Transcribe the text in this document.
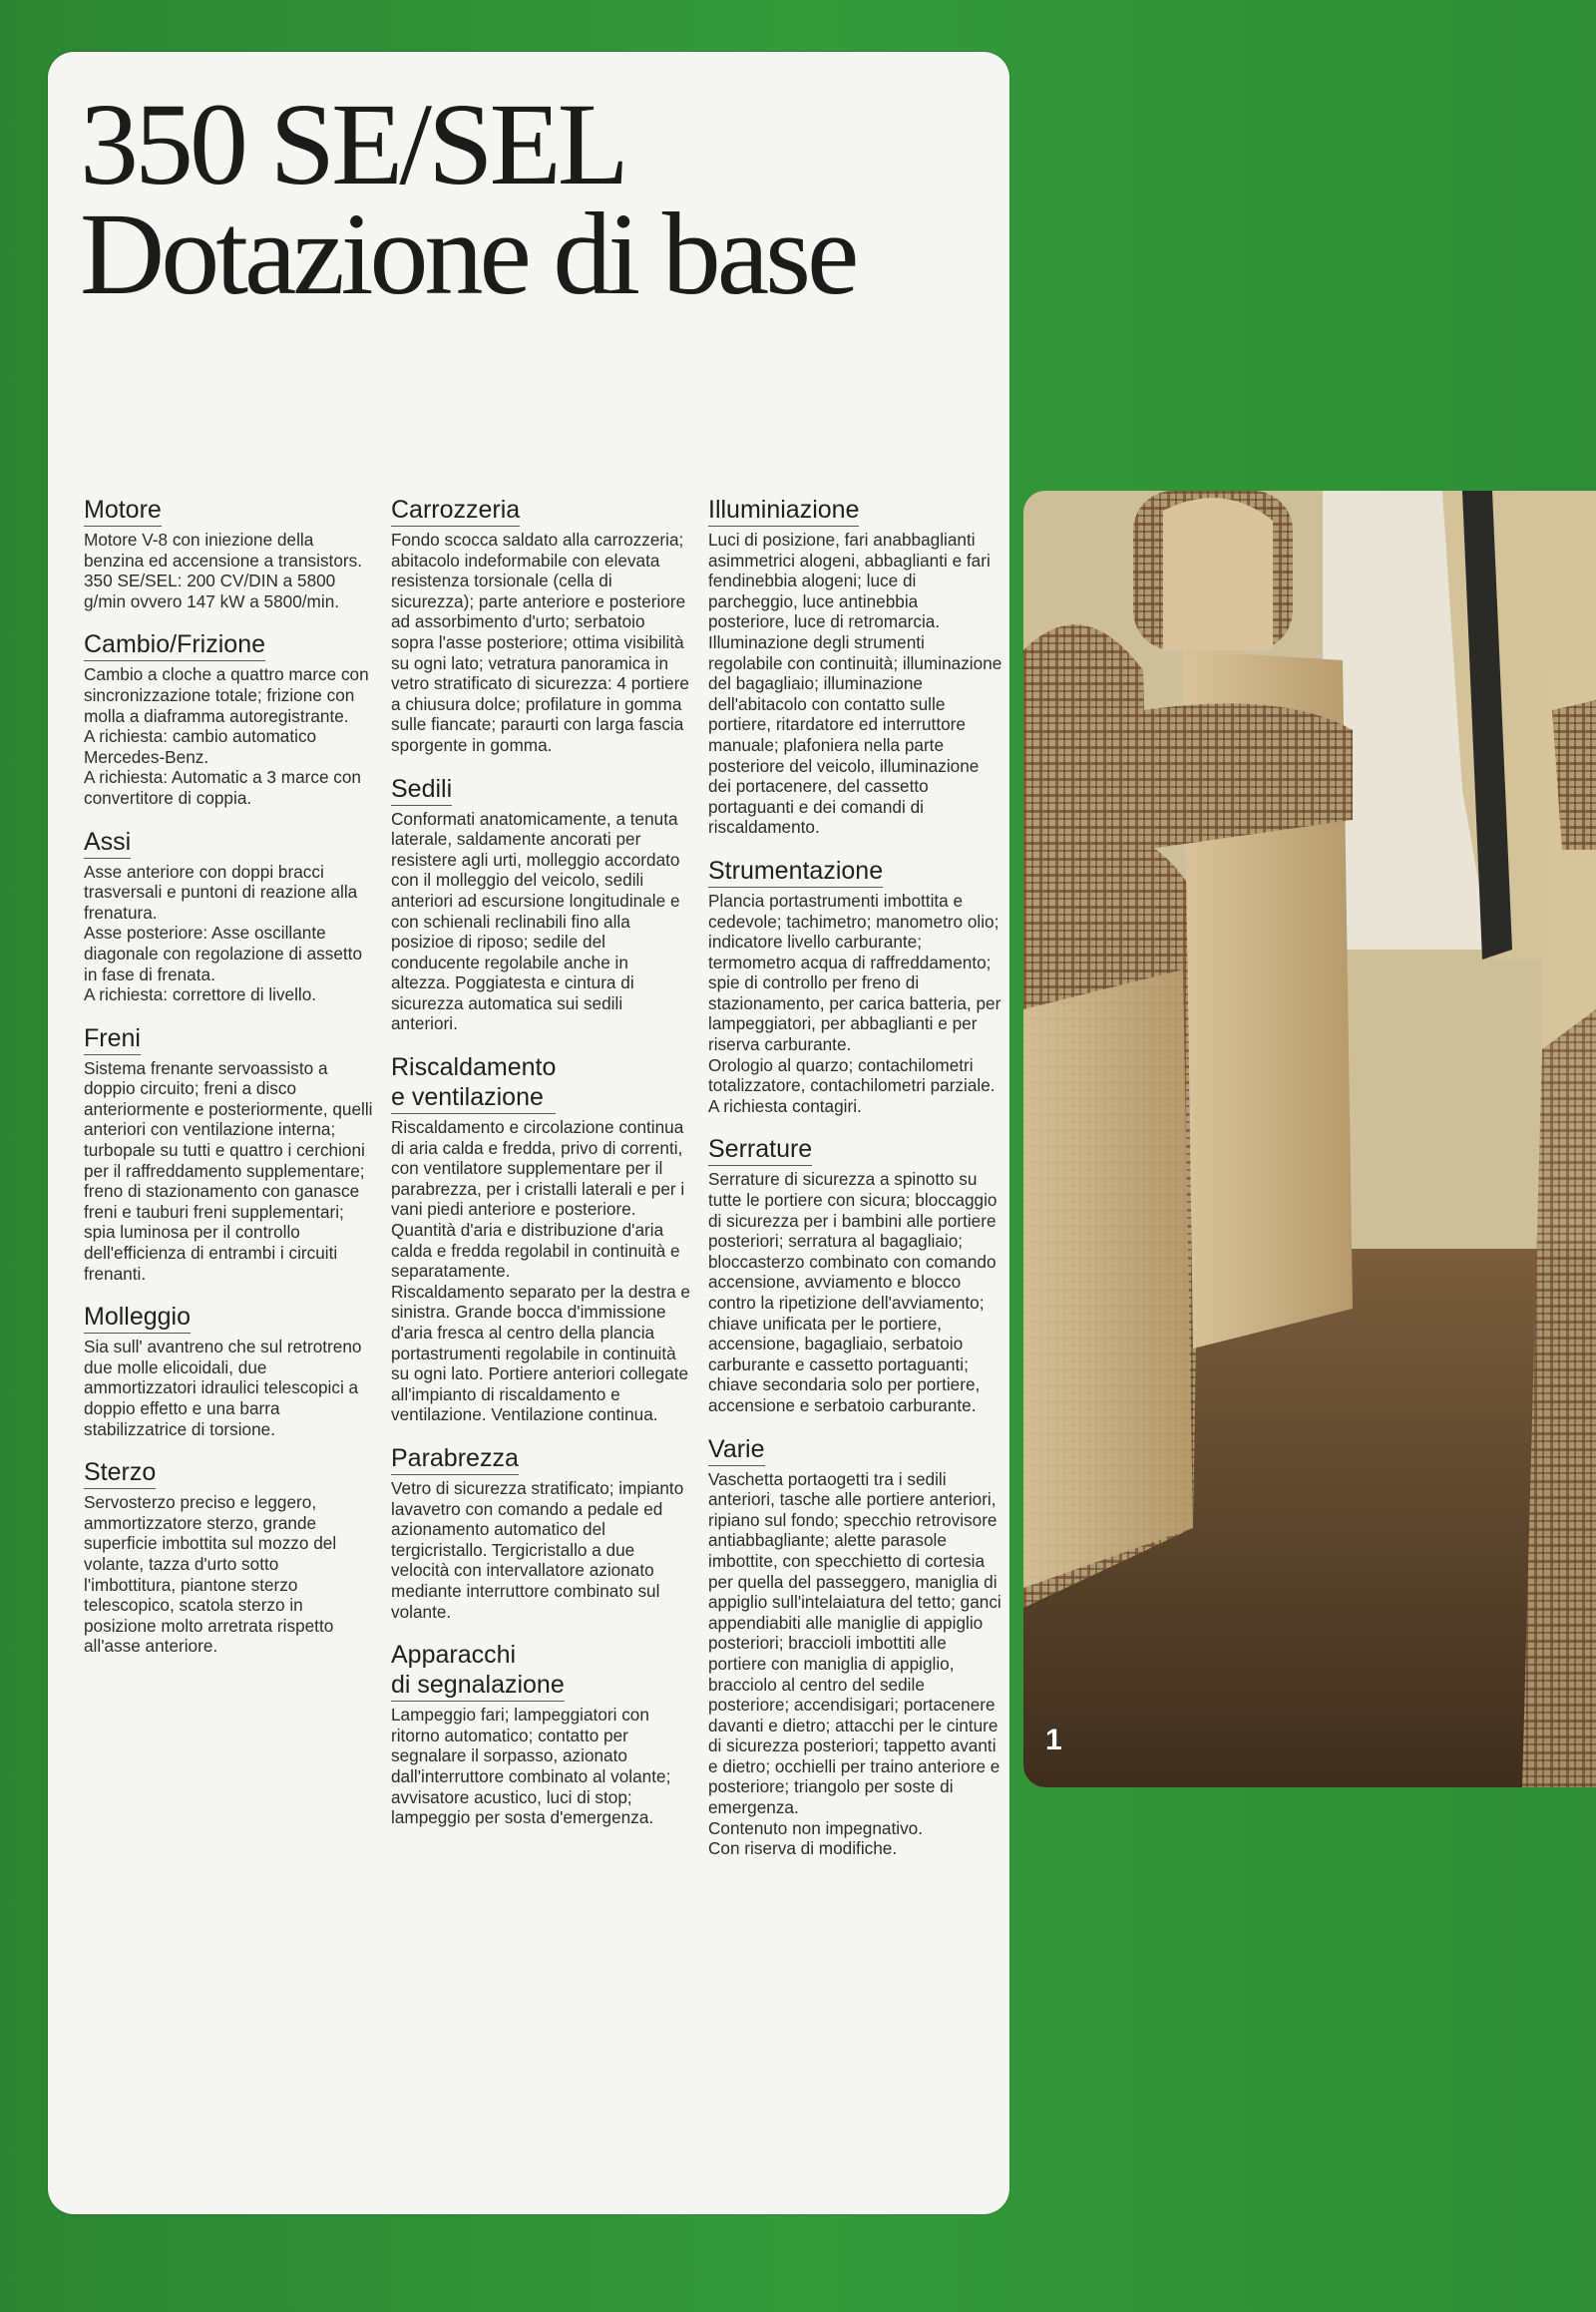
350 SE/SEL
Dotazione di base
Motore

Motore V-8 con iniezione della benzina ed accensione a transistors.
350 SE/SEL: 200 CV/DIN a 5800 g/min ovvero 147 kW a 5800/min.

Cambio/Frizione

Cambio a cloche a quattro marce con sincronizzazione totale; frizione con molla a diaframma autoregistrante.
A richiesta: cambio automatico Mercedes-Benz.
A richiesta: Automatic a 3 marce con convertitore di coppia.

Assi

Asse anteriore con doppi bracci trasversali e puntoni di reazione alla frenatura.
Asse posteriore: Asse oscillante diagonale con regolazione di assetto in fase di frenata.
A richiesta: correttore di livello.

Freni

Sistema frenante servoassisto a doppio circuito; freni a disco anteriormente e posteriormente, quelli anteriori con ventilazione interna; turbopale su tutti e quattro i cerchioni per il raffreddamento supplementare; freno di stazionamento con ganasce freni e tauburi freni supplementari; spia luminosa per il controllo dell'efficienza di entrambi i circuiti frenanti.

Molleggio

Sia sull' avantreno che sul retrotreno due molle elicoidali, due ammortizzatori idraulici telescopici a doppio effetto e una barra stabilizzatrice di torsione.

Sterzo

Servosterzo preciso e leggero, ammortizzatore sterzo, grande superficie imbottita sul mozzo del volante, tazza d'urto sotto l'imbottitura, piantone sterzo telescopico, scatola sterzo in posizione molto arretrata rispetto all'asse anteriore.

Carrozzeria

Fondo scocca saldato alla carrozzeria; abitacolo indeformabile con elevata resistenza torsionale (cella di sicurezza); parte anteriore e posteriore ad assorbimento d'urto; serbatoio sopra l'asse posteriore; ottima visibilità su ogni lato; vetratura panoramica in vetro stratificato di sicurezza: 4 portiere a chiusura dolce; profilature in gomma sulle fiancate; paraurti con larga fascia sporgente in gomma.

Sedili

Conformati anatomicamente, a tenuta laterale, saldamente ancorati per resistere agli urti, molleggio accordato con il molleggio del veicolo, sedili anteriori ad escursione longitudinale e con schienali reclinabili fino alla posizioe di riposo; sedile del conducente regolabile anche in altezza. Poggiatesta e cintura di sicurezza automatica sui sedili anteriori.

Riscaldamento
e ventilazione

Riscaldamento e circolazione continua di aria calda e fredda, privo di correnti, con ventilatore supplementare per il parabrezza, per i cristalli laterali e per i vani piedi anteriore e posteriore. Quantità d'aria e distribuzione d'aria calda e fredda regolabil in continuità e separatamente.
Riscaldamento separato per la destra e sinistra. Grande bocca d'immissione d'aria fresca al centro della plancia portastrumenti regolabile in continuità su ogni lato. Portiere anteriori collegate all'impianto di riscaldamento e ventilazione. Ventilazione continua.

Parabrezza

Vetro di sicurezza stratificato; impianto lavavetro con comando a pedale ed azionamento automatico del tergicristallo. Tergicristallo a due velocità con intervallatore azionato mediante interruttore combinato sul volante.

Apparacchi
di segnalazione

Lampeggio fari; lampeggiatori con ritorno automatico; contatto per segnalare il sorpasso, azionato dall'interruttore combinato al volante; avvisatore acustico, luci di stop; lampeggio per sosta d'emergenza.

Illuminiazione

Luci di posizione, fari anabbaglianti asimmetrici alogeni, abbaglianti e fari fendinebbia alogeni; luce di parcheggio, luce antinebbia posteriore, luce di retromarcia. Illuminazione degli strumenti regolabile con continuità; illuminazione del bagagliaio; illuminazione dell'abitacolo con contatto sulle portiere, ritardatore ed interruttore manuale; plafoniera nella parte posteriore del veicolo, illuminazione dei portacenere, del cassetto portaguanti e dei comandi di riscaldamento.

Strumentazione

Plancia portastrumenti imbottita e cedevole; tachimetro; manometro olio; indicatore livello carburante; termometro acqua di raffreddamento; spie di controllo per freno di stazionamento, per carica batteria, per lampeggiatori, per abbaglianti e per riserva carburante.
Orologio al quarzo; contachilometri totalizzatore, contachilometri parziale. A richiesta contagiri.

Serrature

Serrature di sicurezza a spinotto su tutte le portiere con sicura; bloccaggio di sicurezza per i bambini alle portiere posteriori; serratura al bagagliaio; bloccasterzo combinato con comando accensione, avviamento e blocco contro la ripetizione dell'avviamento; chiave unificata per le portiere, accensione, bagagliaio, serbatoio carburante e cassetto portaguanti; chiave secondaria solo per portiere, accensione e serbatoio carburante.

Varie

Vaschetta portaogetti tra i sedili anteriori, tasche alle portiere anteriori, ripiano sul fondo; specchio retrovisore antiabbagliante; alette parasole imbottite, con specchietto di cortesia per quella del passeggero, maniglia di appiglio sull'intelaiatura del tetto; ganci appendiabiti alle maniglie di appiglio posteriori; braccioli imbottiti alle portiere con maniglia di appiglio, bracciolo al centro del sedile posteriore; accendisigari; portacenere davanti e dietro; attacchi per le cinture di sicurezza posteriori; tappetto avanti e dietro; occhielli per traino anteriore e posteriore; triangolo per soste di emergenza.

Contenuto non impegnativo.
Con riserva di modifiche.

1
